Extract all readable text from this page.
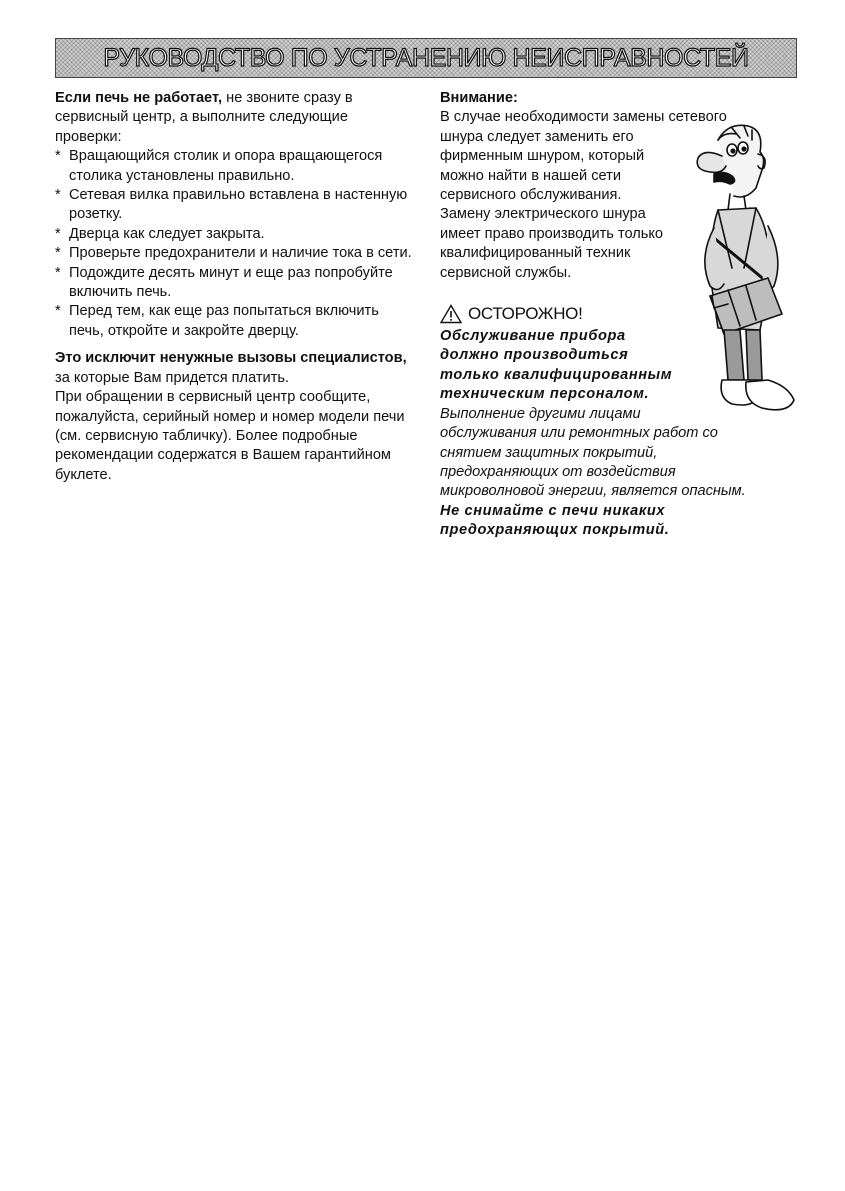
РУКОВОДСТВО ПО УСТРАНЕНИЮ НЕИСПРАВНОСТЕЙ

Если печь не работает, не звоните сразу в сервисный центр, а выполните следующие проверки:

* Вращающийся столик и опора вращающегося столика установлены правильно.
* Сетевая вилка правильно вставлена в настенную розетку.
* Дверца как следует закрыта.
* Проверьте предохранители и наличие тока в сети.
* Подождите десять минут и еще раз попробуйте включить печь.
* Перед тем, как еще раз попытаться включить печь, откройте и закройте дверцу.

Это исключит ненужные вызовы специалистов, за которые Вам придется платить.

При обращении в сервисный центр сообщите, пожалуйста, серийный номер и номер модели печи (см. сервисную табличку). Более подробные рекомендации содержатся в Вашем гарантийном буклете.

Внимание:

В случае необходимости замены сетевого

шнура следует заменить его

фирменным шнуром, который

можно найти в нашей сети

сервисного обслуживания.

Замену электрического шнура

имеет право производить только

квалифицированный техник

сервисной службы.

ОСТОРОЖНО!

Обслуживание прибора

должно производиться

только квалифицированным

техническим персоналом.

Выполнение другими лицами

обслуживания или ремонтных работ со

снятием защитных покрытий,

предохраняющих от воздействия

микроволновой энергии, является опасным.

Не снимайте с печи никаких

предохраняющих покрытий.
